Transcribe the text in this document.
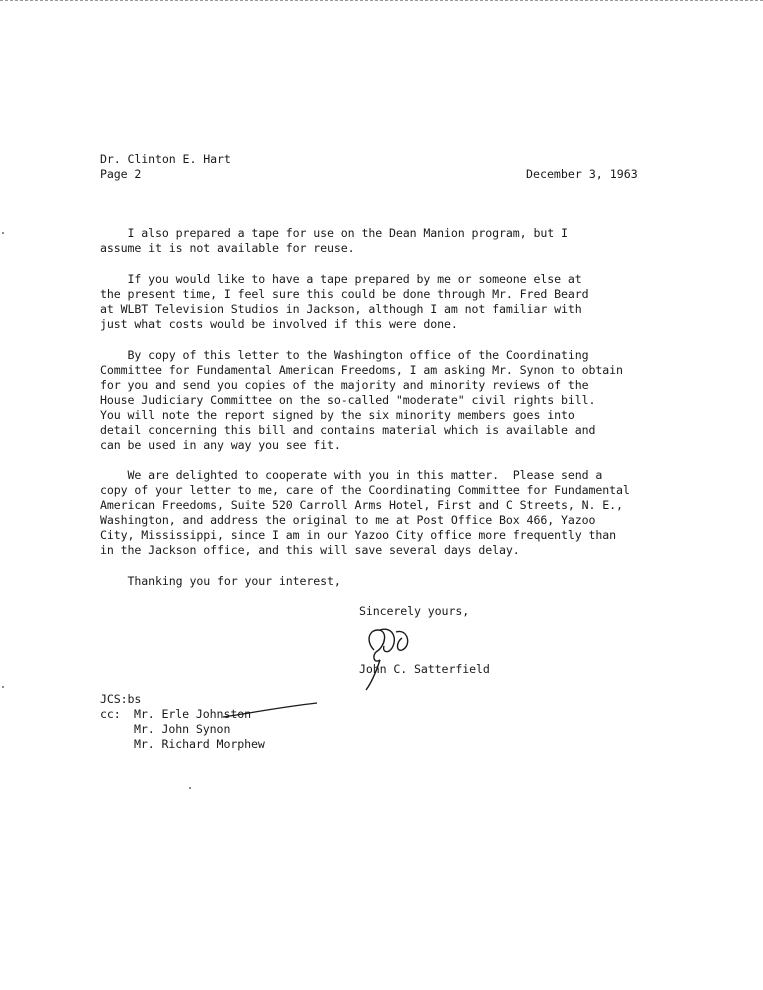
Dr. Clinton E. Hart
Page 2	December 3, 1963
I also prepared a tape for use on the Dean Manion program, but I
assume it is not available for reuse.
If you would like to have a tape prepared by me or someone else at
the present time, I feel sure this could be done through Mr. Fred Beard
at WLBT Television Studios in Jackson, although I am not familiar with
just what costs would be involved if this were done.
By copy of this letter to the Washington office of the Coordinating
Committee for Fundamental American Freedoms, I am asking Mr. Synon to obtain
for you and send you copies of the majority and minority reviews of the
House Judiciary Committee on the so-called "moderate" civil rights bill.
You will note the report signed by the six minority members goes into
detail concerning this bill and contains material which is available and
can be used in any way you see fit.
We are delighted to cooperate with you in this matter.  Please send a
copy of your letter to me, care of the Coordinating Committee for Fundamental
American Freedoms, Suite 520 Carroll Arms Hotel, First and C Streets, N. E.,
Washington, and address the original to me at Post Office Box 466, Yazoo
City, Mississippi, since I am in our Yazoo City office more frequently than
in the Jackson office, and this will save several days delay.
Thanking you for your interest,
Sincerely yours,
John C. Satterfield
JCS:bs
cc: Mr. Erle Johnston
Mr. John Synon
Mr. Richard Morphew
